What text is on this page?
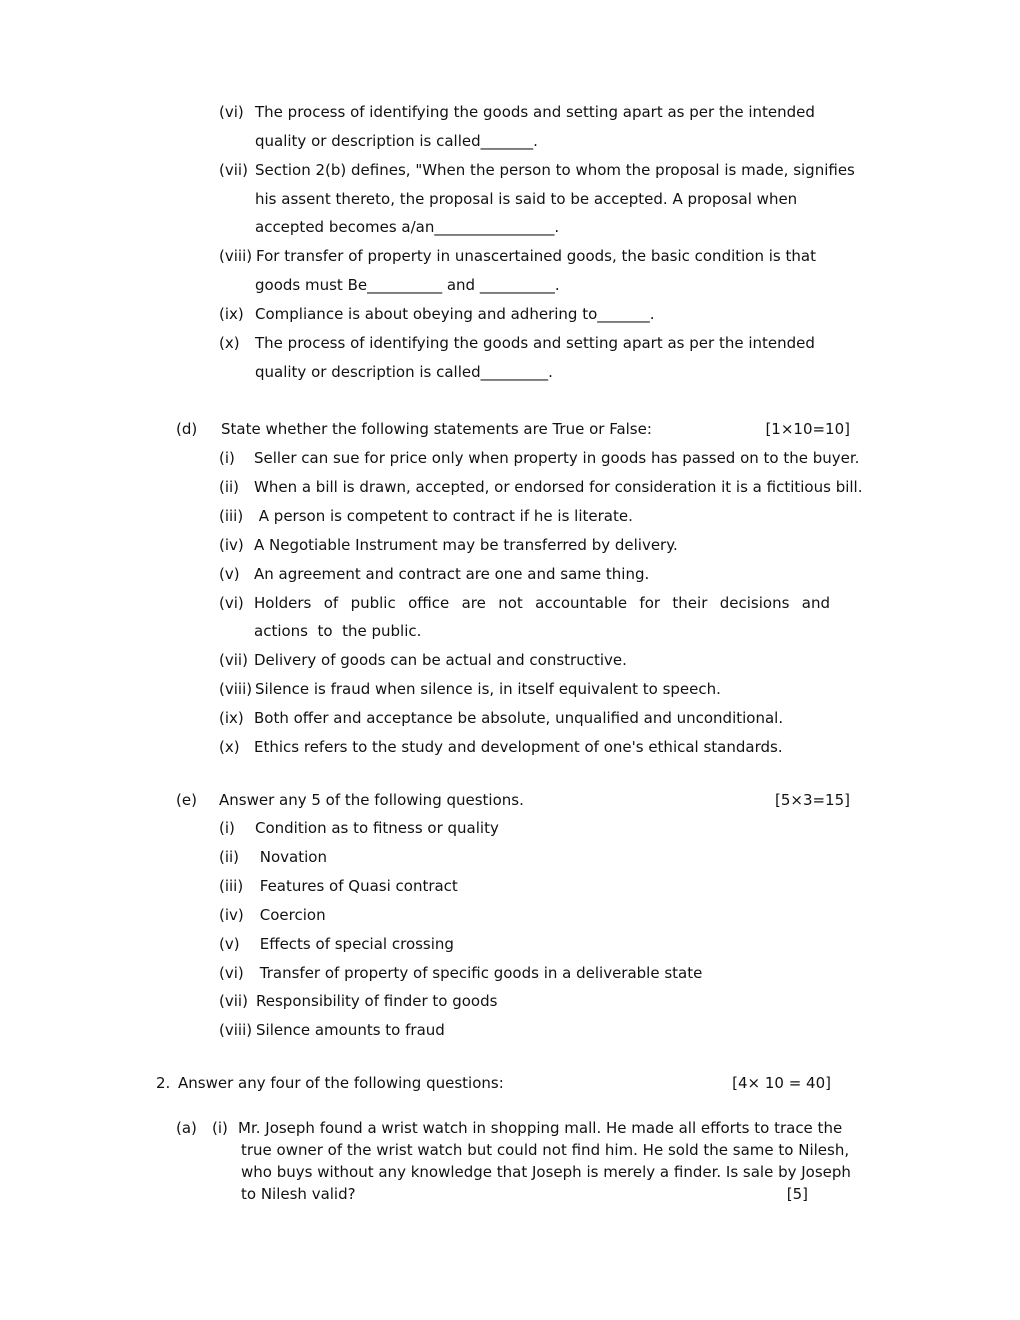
(vi) The process of identifying the goods and setting apart as per the intended
quality or description is called_______.
(vii) Section 2(b) defines, "When the person to whom the proposal is made, signifies
his assent thereto, the proposal is said to be accepted. A proposal when
accepted becomes a/an________________.
(viii) For transfer of property in unascertained goods, the basic condition is that
goods must Be__________ and __________.
(ix) Compliance is about obeying and adhering to_______.
(x) The process of identifying the goods and setting apart as per the intended
quality or description is called_________.
(d) State whether the following statements are True or False:	[1×10=10]
(i) Seller can sue for price only when property in goods has passed on to the buyer.
(ii) When a bill is drawn, accepted, or endorsed for consideration it is a fictitious bill.
(iii) A person is competent to contract if he is literate.
(iv) A Negotiable Instrument may be transferred by delivery.
(v) An agreement and contract are one and same thing.
(vi) Holders of public office are not accountable for their decisions and
actions  to  the public.
(vii) Delivery of goods can be actual and constructive.
(viii) Silence is fraud when silence is, in itself equivalent to speech.
(ix) Both offer and acceptance be absolute, unqualified and unconditional.
(x) Ethics refers to the study and development of one's ethical standards.
(e) Answer any 5 of the following questions.	[5×3=15]
(i) Condition as to fitness or quality
(ii) Novation
(iii) Features of Quasi contract
(iv) Coercion
(v) Effects of special crossing
(vi) Transfer of property of specific goods in a deliverable state
(vii) Responsibility of finder to goods
(viii) Silence amounts to fraud
2. Answer any four of the following questions:	[4× 10 = 40]
(a) (i) Mr. Joseph found a wrist watch in shopping mall. He made all efforts to trace the
true owner of the wrist watch but could not find him. He sold the same to Nilesh,
who buys without any knowledge that Joseph is merely a finder. Is sale by Joseph
to Nilesh valid?	[5]
